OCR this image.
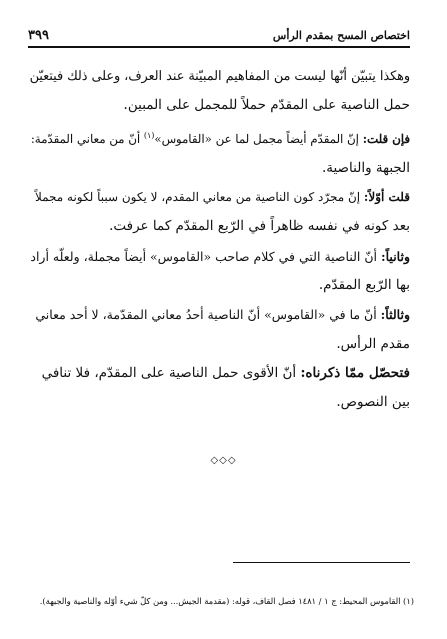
اختصاص المسح بمقدم الرأس
٣٩٩
وهكذا يتبيّن أنّها ليست من المفاهيم المبيّنة عند العرف، وعلى ذلك فيتعيّن
حمل الناصية على المقدّم حملاً للمجمل على المبين.
فإن قلت: إنّ المقدّم أيضاً مجمل لما عن «القاموس»$^{(١)}$ أنّ من معاني المقدّمة:
الجبهة والناصية.
قلت أوّلاً: إنّ مجرّد كون الناصية من معاني المقدم، لا يكون سبباً لكونه مجملاً
بعد كونه في نفسه ظاهراً في الرّبع المقدّم كما عرفت.
وثانياً: أنّ الناصية التي في كلام صاحب «القاموس» أيضاً مجملة، ولعلّه أراد
بها الرّبع المقدّم.
وثالثاً: أنّ ما في «القاموس» أنّ الناصية أحدُ معاني المقدّمة، لا أحد معاني
مقدم الرأس.
فتحصّل ممّا ذكرناه: أنّ الأقوى حمل الناصية على المقدّم، فلا تنافي
بين النصوص.
◇◇◇
(١) القاموس المحيط: ج ١ / ١٤٨١ فصل القاف، قوله: (مقدمة الجيش... ومن كلّ شيء أوّله والناصية والجبهة).
